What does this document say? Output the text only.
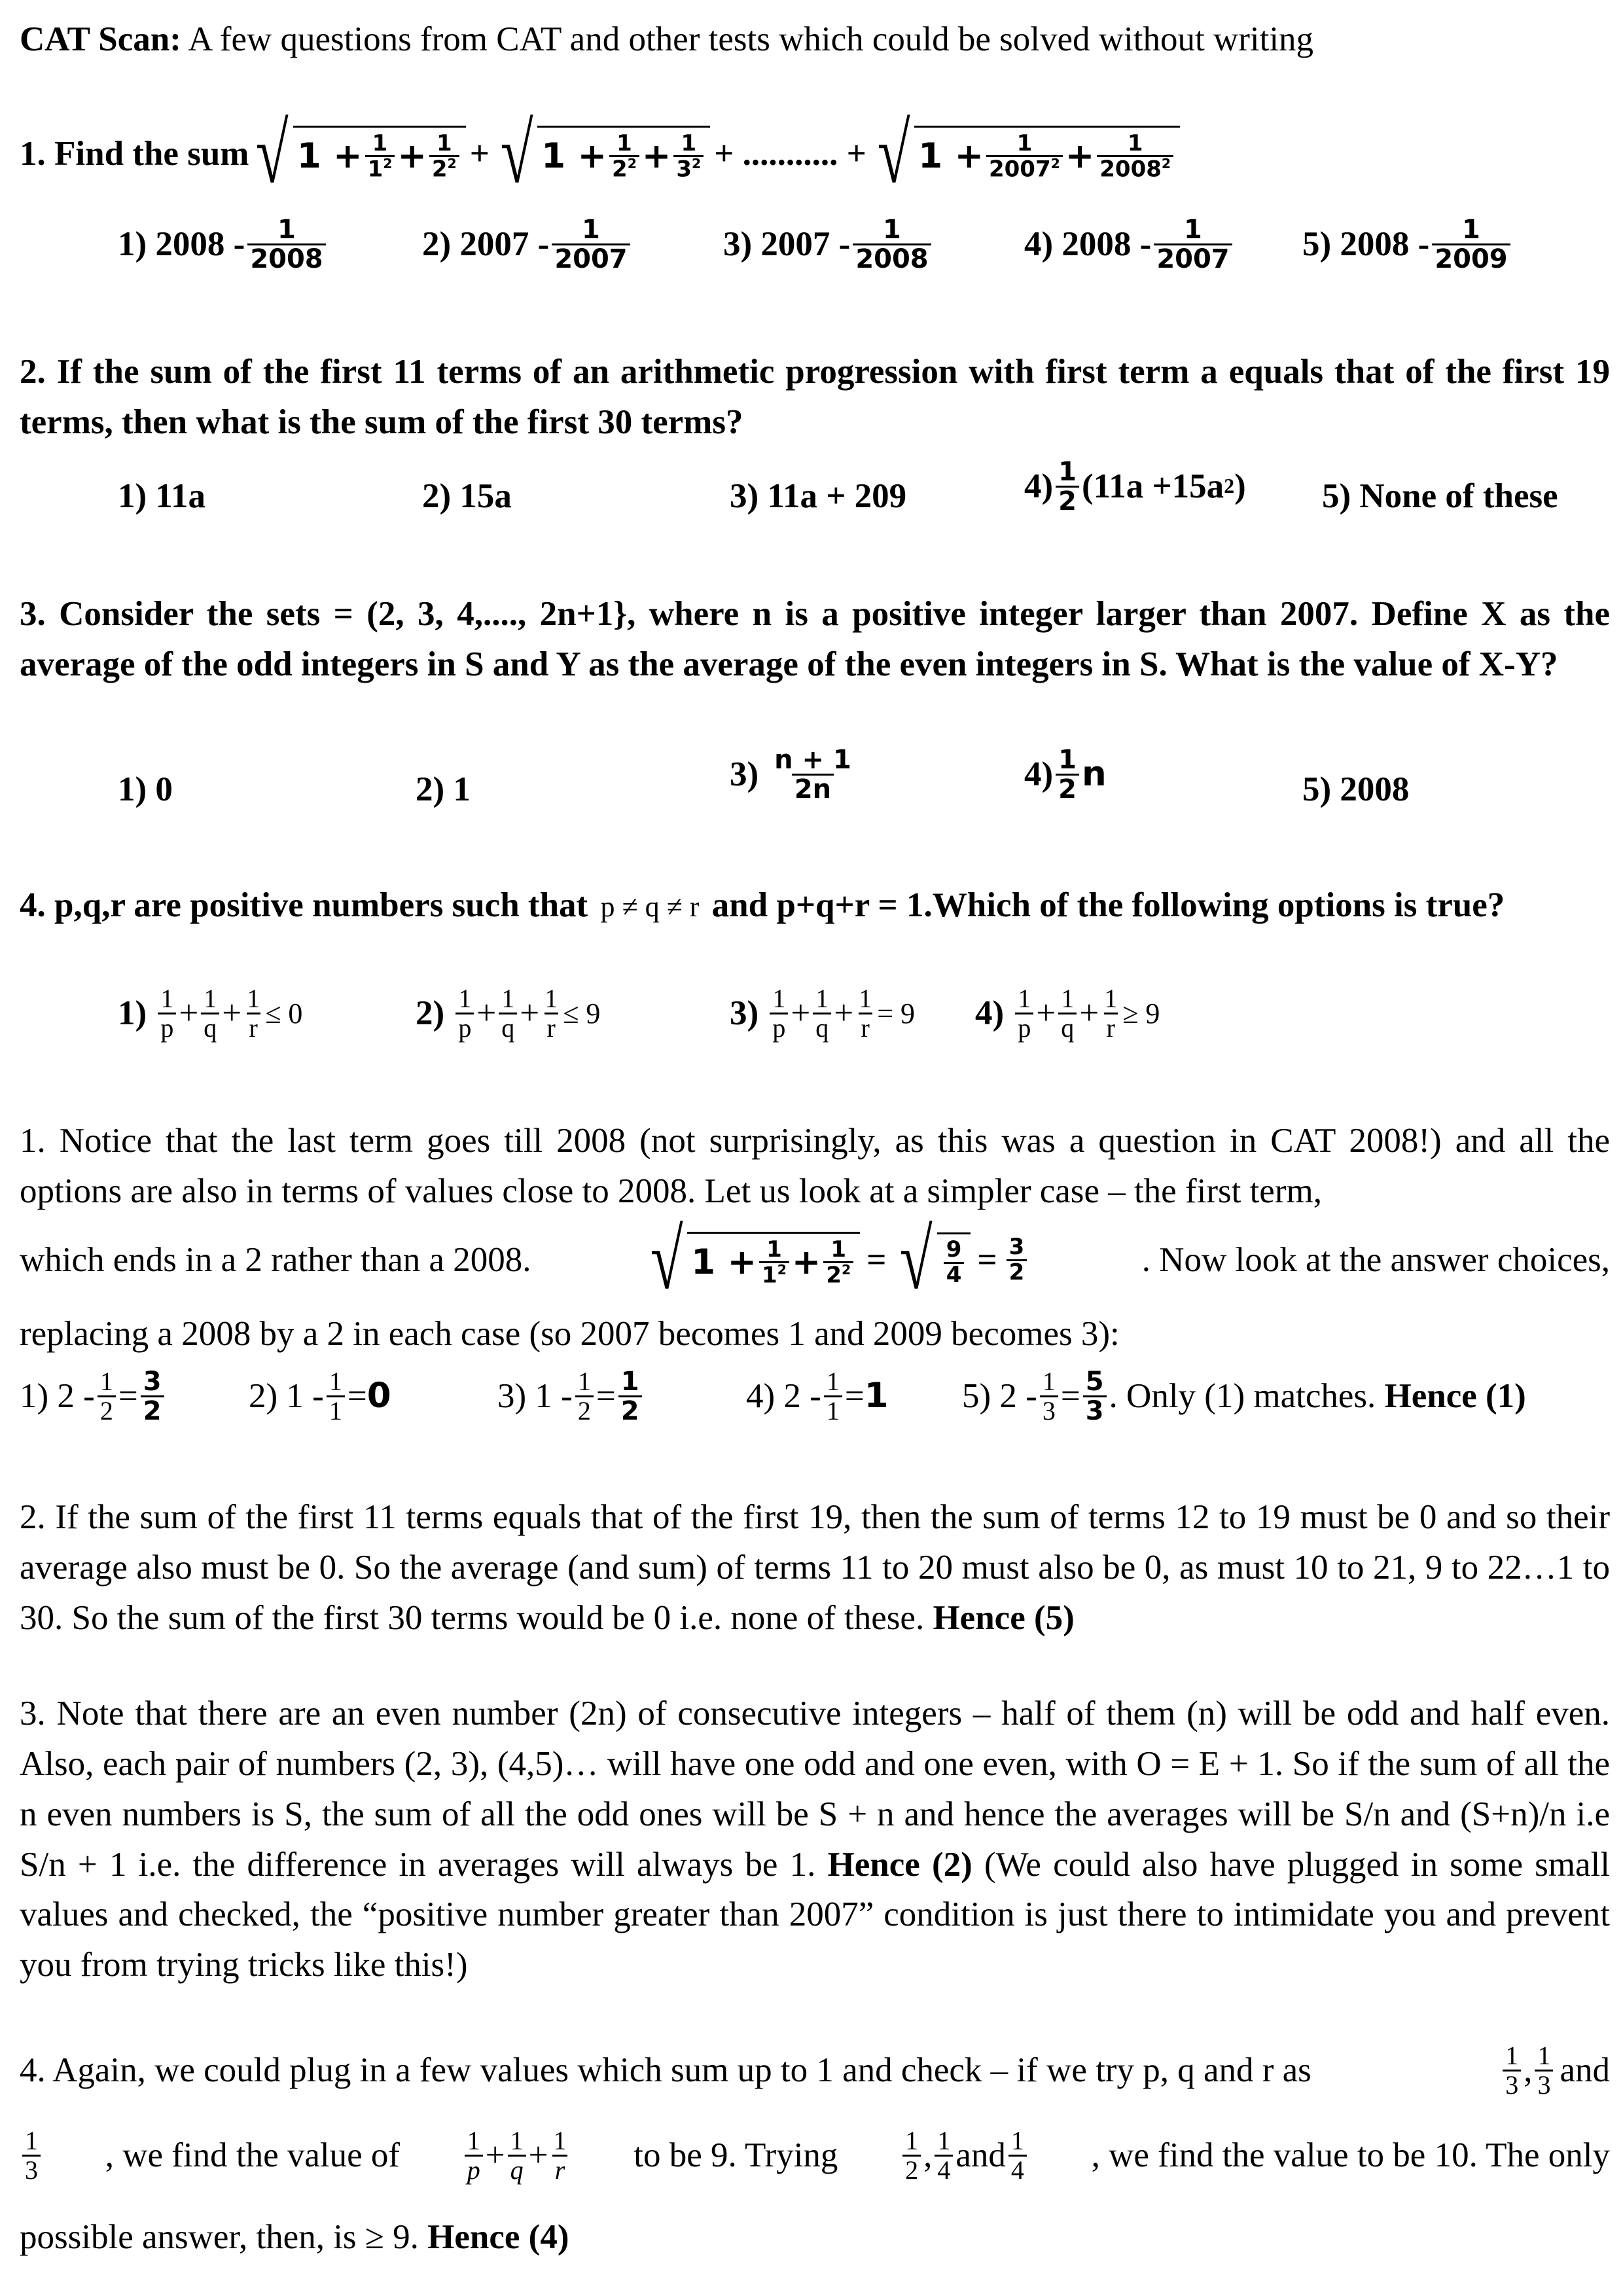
CAT Scan: A few questions from CAT and other tests which could be solved without writing
1. Find the sum √ $1 + \frac{1}{1^2} + \frac{1}{2^2}$ + √ $1 + \frac{1}{2^2} + \frac{1}{3^2}$ + ........... + √ $1 + \frac{1}{2007^2} + \frac{1}{2008^2}$
1) $2008 - \frac{1}{2008}$	2) $2007 - \frac{1}{2007}$	3) $2007 - \frac{1}{2008}$	4) $2008 - \frac{1}{2007} 5$) $2008 - \frac{1}{2009}$
2. If the sum of the first 11 terms of an arithmetic progression with first term a equals that of the first 19 terms, then what is the sum of the first 30 terms?
1) 11a	2) 15a	3) 11a + 209	$4) \frac{1}{2} (11a +15a$ 2 ) 5) None of these
3. Consider the sets = (2, 3, 4,...., 2n+1}, where n is a positive integer larger than 2007. Define X as the average of the odd integers in S and Y as the average of the even integers in S. What is the value of X-Y?
1) 0	2) 1	$3) \frac{n + 1}{2n}$	$4) \frac{1}{2}$ n	5) 2008
4. p,q,r are positive numbers such that p ≠ q ≠ r and p+q+r = 1.Which of the following options is true?
1)
$\frac{1}{p} + \frac{1}{q} + \frac{1}{r} \le 0$	2)
$\frac{1}{p} + \frac{1}{q} + \frac{1}{r} \le 9$	3)
$\frac{1}{p} + \frac{1}{q} + \frac{1}{r} = 9$ 4)
$\frac{1}{p} + \frac{1}{q} + \frac{1}{r} \ge 9$
1. Notice that the last term goes till 2008 (not surprisingly, as this was a question in CAT 2008!) and all the options are also in terms of values close to 2008. Let us look at a simpler case – the first term,
which ends in a 2 rather than a 2008. √ $1 + \frac{1}{1^2} + \frac{1}{2^2}$ = √ $\frac{9}{4} = \frac{3}{2}$	. Now look at the answer choices,
replacing a 2008 by a 2 in each case (so 2007 becomes 1 and 2009 becomes 3):
1) $2 - \frac{1}{2} = \frac{3}{2} 2$) $1 - \frac{1}{1} = 0$	3) $1 - \frac{1}{2} = \frac{1}{2}$	4) $2 - \frac{1}{1} = 1$ 5) $2 - \frac{1}{3} = \frac{5}{3}$ . Only (1) matches.
Hence (1)
2. If the sum of the first 11 terms equals that of the first 19, then the sum of terms 12 to 19 must be 0 and so their average also must be 0. So the average (and sum) of terms 11 to 20 must also be 0, as must 10 to 21, 9 to 22…1 to 30. So the sum of the first 30 terms would be 0 i.e. none of these. Hence (5)
3. Note that there are an even number (2n) of consecutive integers – half of them (n) will be odd and half even. Also, each pair of numbers (2, 3), (4,5)… will have one odd and one even, with O = E + 1. So if the sum of all the n even numbers is S, the sum of all the odd ones will be S + n and hence the averages will be S/n and (S+n)/n i.e S/n + 1 i.e. the difference in averages will always be 1. Hence (2) (We could also have plugged in some small values and checked, the “positive number greater than 2007” condition is just there to intimidate you and prevent you from trying tricks like this!)
4. Again, we could plug in a few values which sum up to 1 and check – if we try p, q and r as	$\frac{1}{3}$ , $\frac{1}{3}$ and
$\frac{1}{3}$ , we find the value of $\frac{1}{p} + \frac{1}{q} + \frac{1}{r}$ to be 9. Trying $\frac{1}{2}$ , $\frac{1}{4}$ and $\frac{1}{4}$ , we find the value to be 10. The only
possible answer, then, is ≥ 9. Hence (4)
